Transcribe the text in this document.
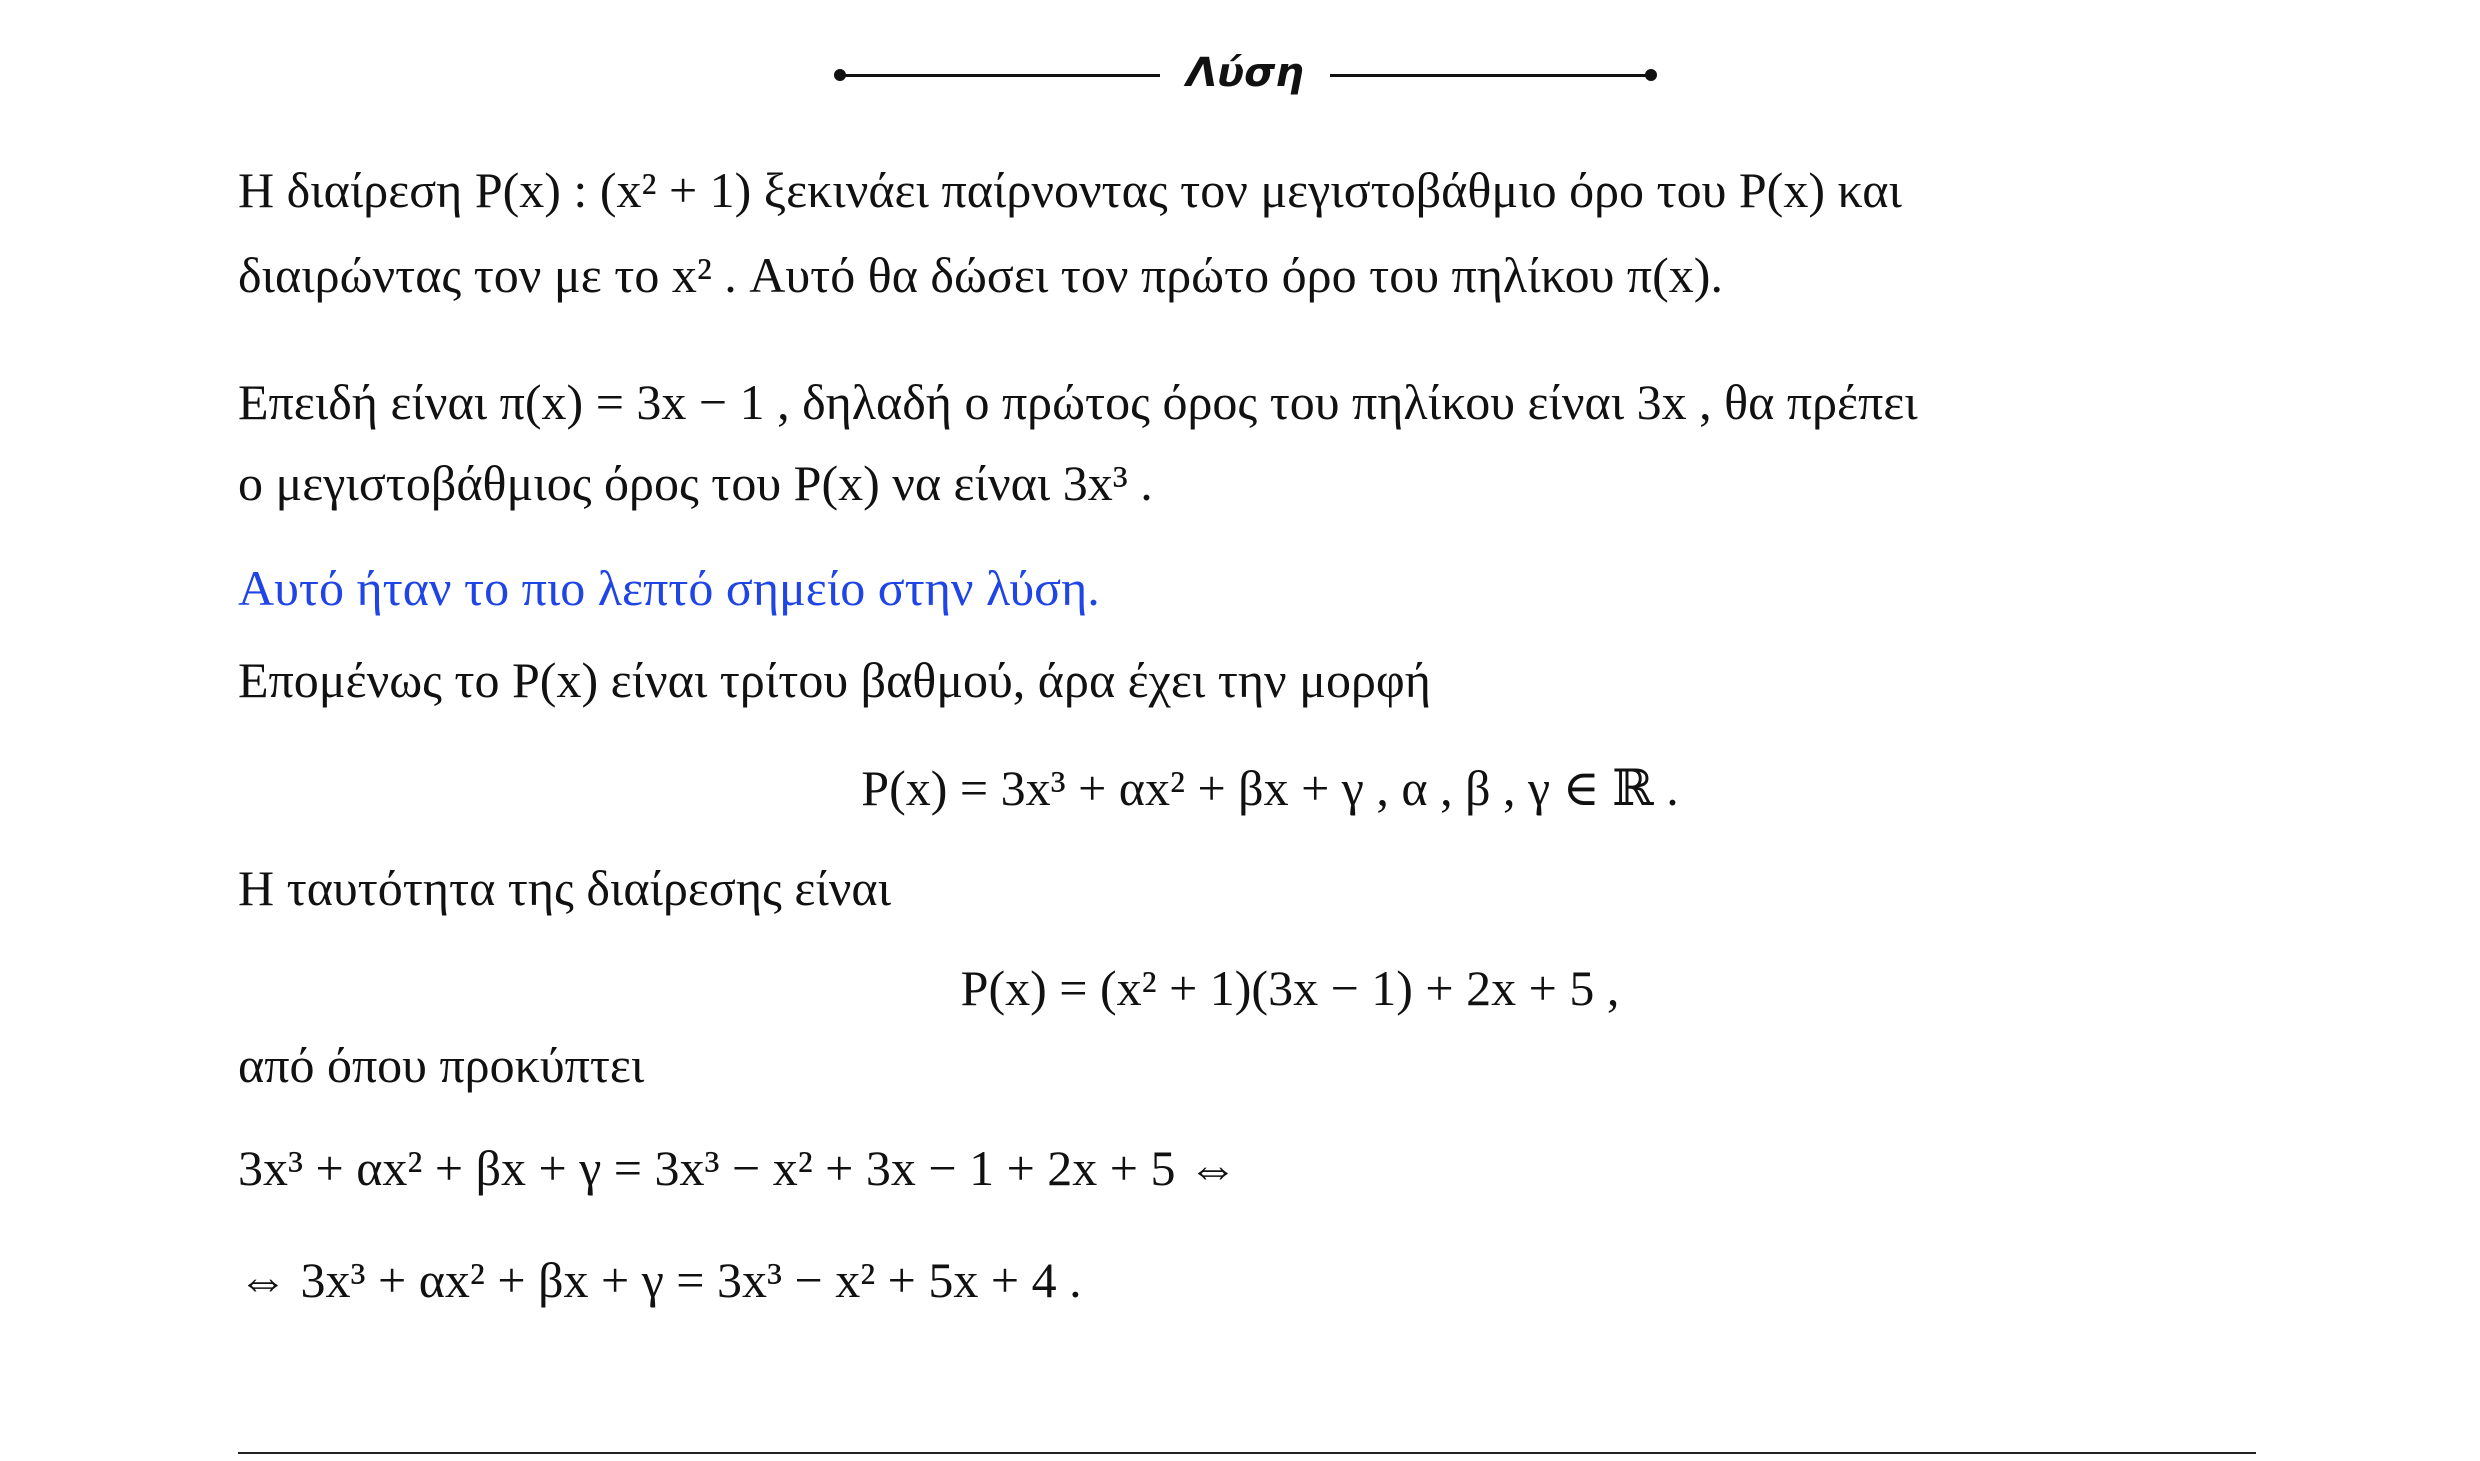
Λύση
Η διαίρεση P(x) : (x² + 1) ξεκινάει παίρνοντας τον μεγιστοβάθμιο όρο του P(x) και
διαιρώντας τον με το x² . Αυτό θα δώσει τον πρώτο όρο του πηλίκου π(x).
Επειδή είναι π(x) = 3x − 1 , δηλαδή ο πρώτος όρος του πηλίκου είναι 3x , θα πρέπει
ο μεγιστοβάθμιος όρος του P(x) να είναι 3x³ .
Αυτό ήταν το πιο λεπτό σημείο στην λύση.
Επομένως το P(x) είναι τρίτου βαθμού, άρα έχει την μορφή
P(x) = 3x³ + αx² + βx + γ , α , β , γ ∈ ℝ .
Η ταυτότητα της διαίρεσης είναι
P(x) = (x² + 1)(3x − 1) + 2x + 5 ,
από όπου προκύπτει
3x³ + αx² + βx + γ = 3x³ − x² + 3x − 1 + 2x + 5 ⇔
⇔ 3x³ + αx² + βx + γ = 3x³ − x² + 5x + 4 .
